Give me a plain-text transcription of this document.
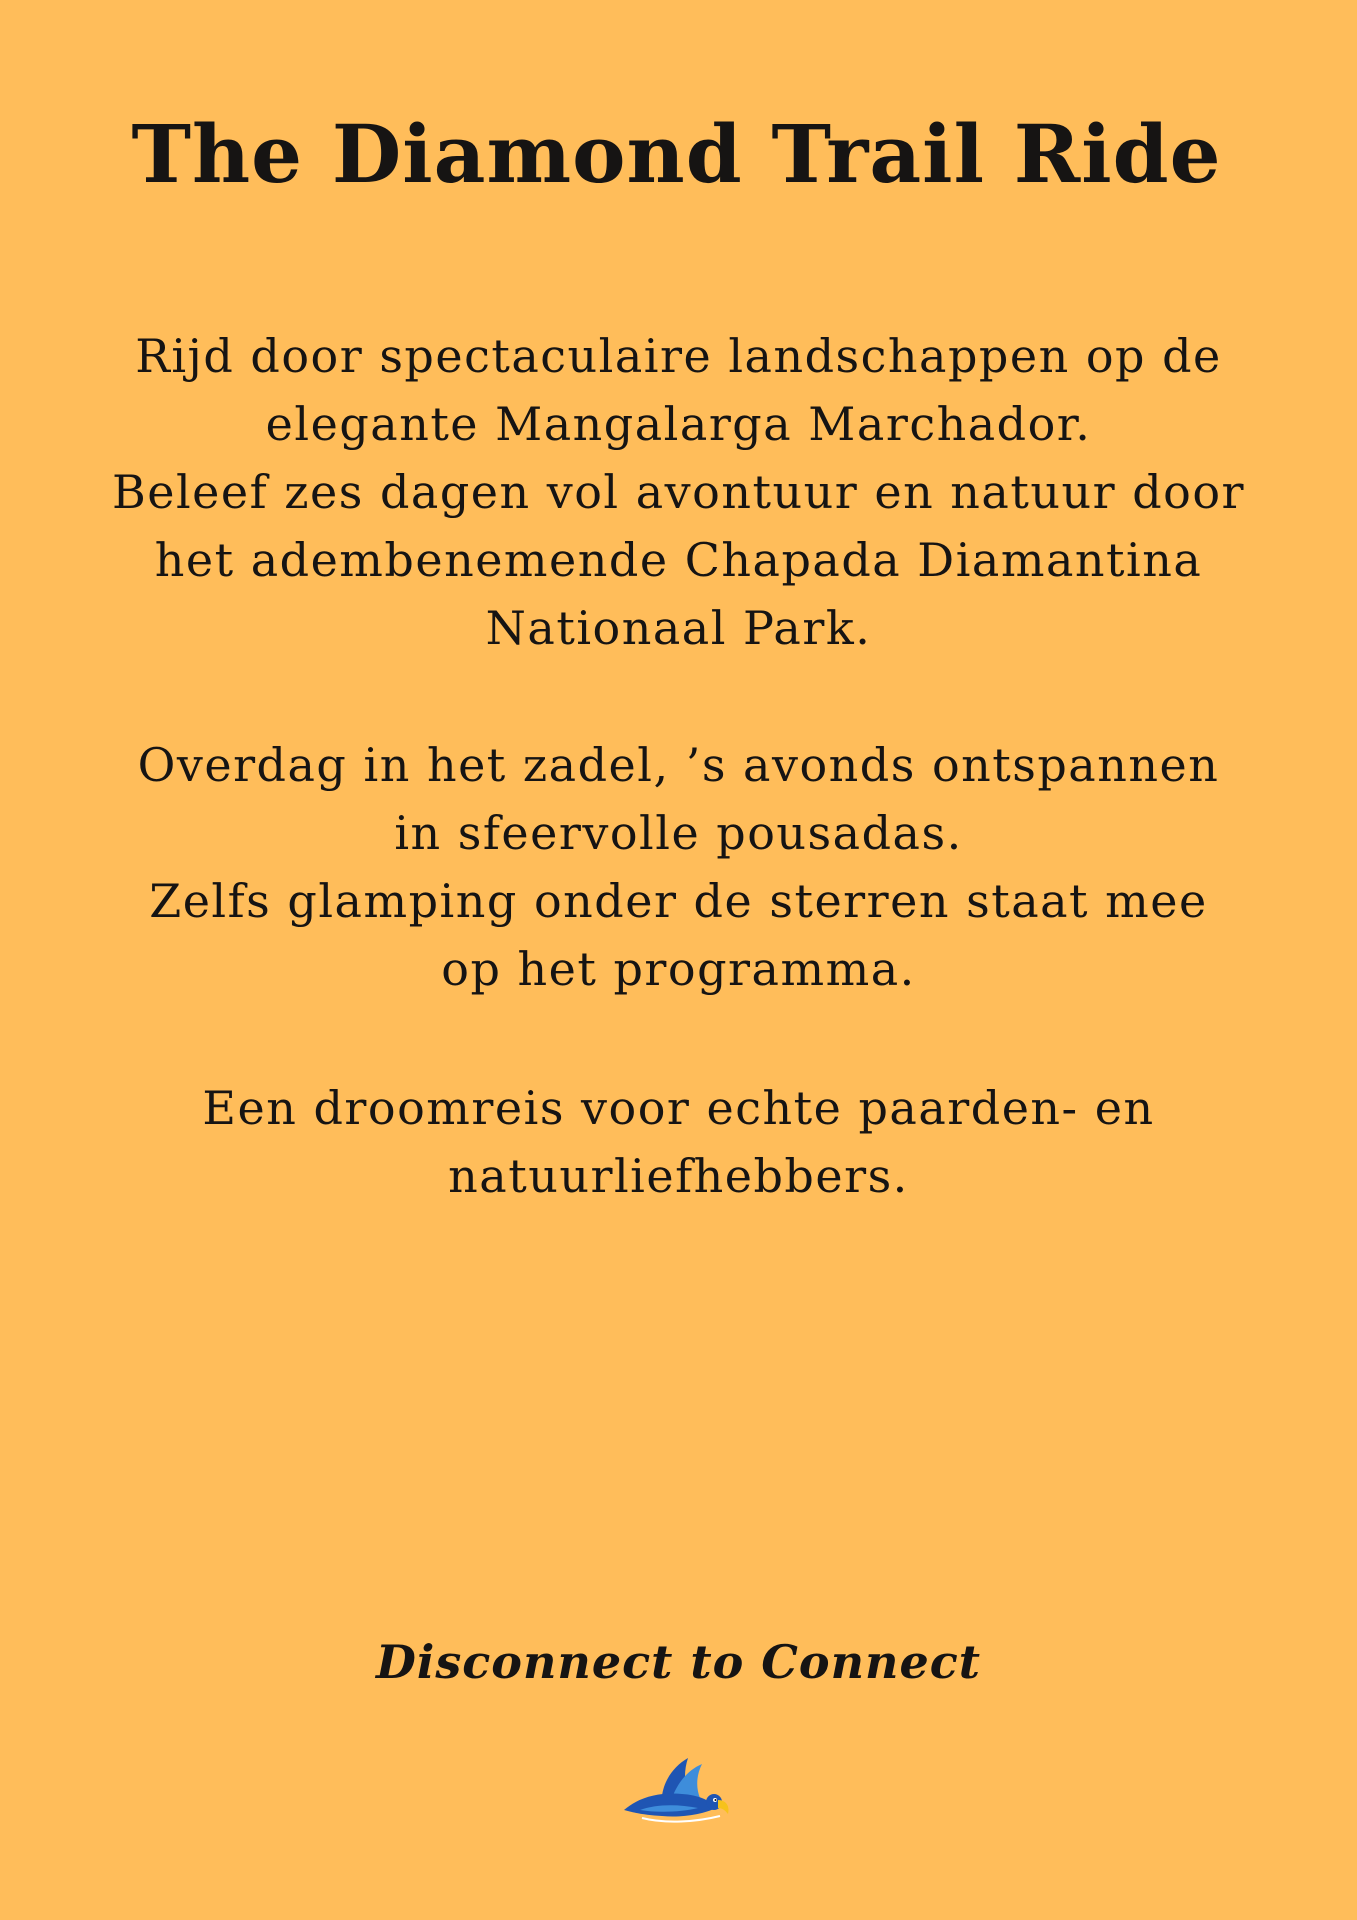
The Diamond Trail Ride
Rijd door spectaculaire landschappen op de
elegante Mangalarga Marchador.
Beleef zes dagen vol avontuur en natuur door
het adembenemende Chapada Diamantina
Nationaal Park.
Overdag in het zadel, ’s avonds ontspannen
in sfeervolle pousadas.
Zelfs glamping onder de sterren staat mee
op het programma.
Een droomreis voor echte paarden- en
natuurliefhebbers.
Disconnect to Connect
